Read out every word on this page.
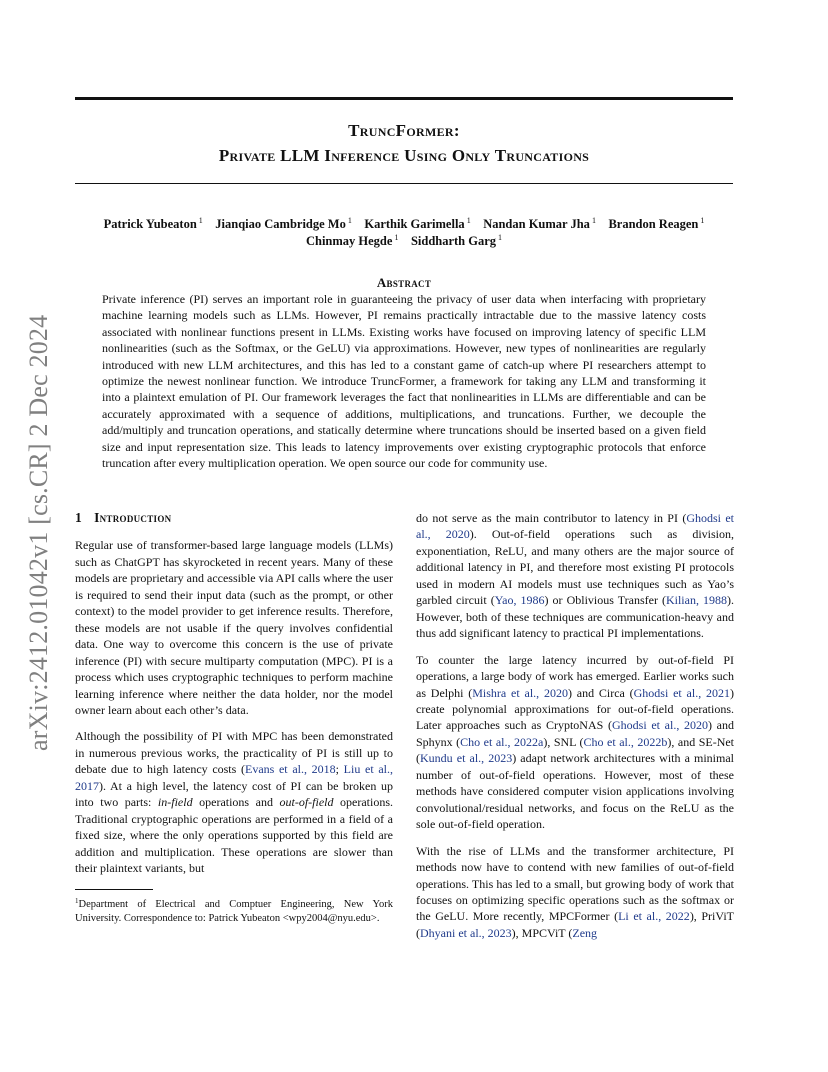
TruncFormer:
Private LLM Inference Using Only Truncations
Patrick Yubeaton $^1$ Jianqiao Cambridge Mo $^1$ Karthik Garimella $^1$ Nandan Kumar Jha $^1$ Brandon Reagen $^1$
Chinmay Hegde $^1$ Siddharth Garg $^1$
Abstract

Private inference (PI) serves an important role in guaranteeing the privacy of user data when interfacing with proprietary machine learning models such as LLMs. However, PI remains practically intractable due to the massive latency costs associated with nonlinear functions present in LLMs. Existing works have focused on improving latency of specific LLM nonlinearities (such as the Softmax, or the GeLU) via approximations. However, new types of nonlinearities are regularly introduced with new LLM architectures, and this has led to a constant game of catch-up where PI researchers attempt to optimize the newest nonlinear function. We introduce TruncFormer, a framework for taking any LLM and transforming it into a plaintext emulation of PI. Our framework leverages the fact that nonlinearities in LLMs are differentiable and can be accurately approximated with a sequence of additions, multiplications, and truncations. Further, we decouple the add/multiply and truncation operations, and statically determine where truncations should be inserted based on a given field size and input representation size. This leads to latency improvements over existing cryptographic protocols that enforce truncation after every multiplication operation. We open source our code for community use.

arXiv:2412.01042v1 [cs.CR] 2 Dec 2024 1 Introduction

Regular use of transformer-based large language models (LLMs) such as ChatGPT has skyrocketed in recent years. Many of these models are proprietary and accessible via API calls where the user is required to send their input data (such as the prompt, or other context) to the model provider to get inference results. Therefore, these models are not usable if the query involves confidential data. One way to overcome this concern is the use of private inference (PI) with secure multiparty computation (MPC). PI is a process which uses cryptographic techniques to perform machine learning inference where neither the data holder, nor the model owner learn about each other’s data.

Although the possibility of PI with MPC has been demonstrated in numerous previous works, the practicality of PI is still up to debate due to high latency costs (Evans et al., 2018; Liu et al., 2017). At a high level, the latency cost of PI can be broken up into two parts: in-field operations and out-of-field operations. Traditional cryptographic operations are performed in a field of a fixed size, where the only operations supported by this field are addition and multiplication. These operations are slower than their plaintext variants, but

$^1$Department of Electrical and Comptuer Engineering, New York University. Correspondence to: Patrick Yubeaton <wpy2004@nyu.edu>.

do not serve as the main contributor to latency in PI (Ghodsi et al., 2020). Out-of-field operations such as division, exponentiation, ReLU, and many others are the major source of additional latency in PI, and therefore most existing PI protocols used in modern AI models must use techniques such as Yao’s garbled circuit (Yao, 1986) or Oblivious Transfer (Kilian, 1988). However, both of these techniques are communication-heavy and thus add significant latency to practical PI implementations.

To counter the large latency incurred by out-of-field PI operations, a large body of work has emerged. Earlier works such as Delphi (Mishra et al., 2020) and Circa (Ghodsi et al., 2021) create polynomial approximations for out-of-field operations. Later approaches such as CryptoNAS (Ghodsi et al., 2020) and Sphynx (Cho et al., 2022a), SNL (Cho et al., 2022b), and SE-Net (Kundu et al., 2023) adapt network architectures with a minimal number of out-of-field operations. However, most of these methods have considered computer vision applications involving convolutional/residual networks, and focus on the ReLU as the sole out-of-field operation.

With the rise of LLMs and the transformer architecture, PI methods now have to contend with new families of out-of-field operations. This has led to a small, but growing body of work that focuses on optimizing specific operations such as the softmax or the GeLU. More recently, MPCFormer (Li et al., 2022), PriViT (Dhyani et al., 2023), MPCViT (Zeng
